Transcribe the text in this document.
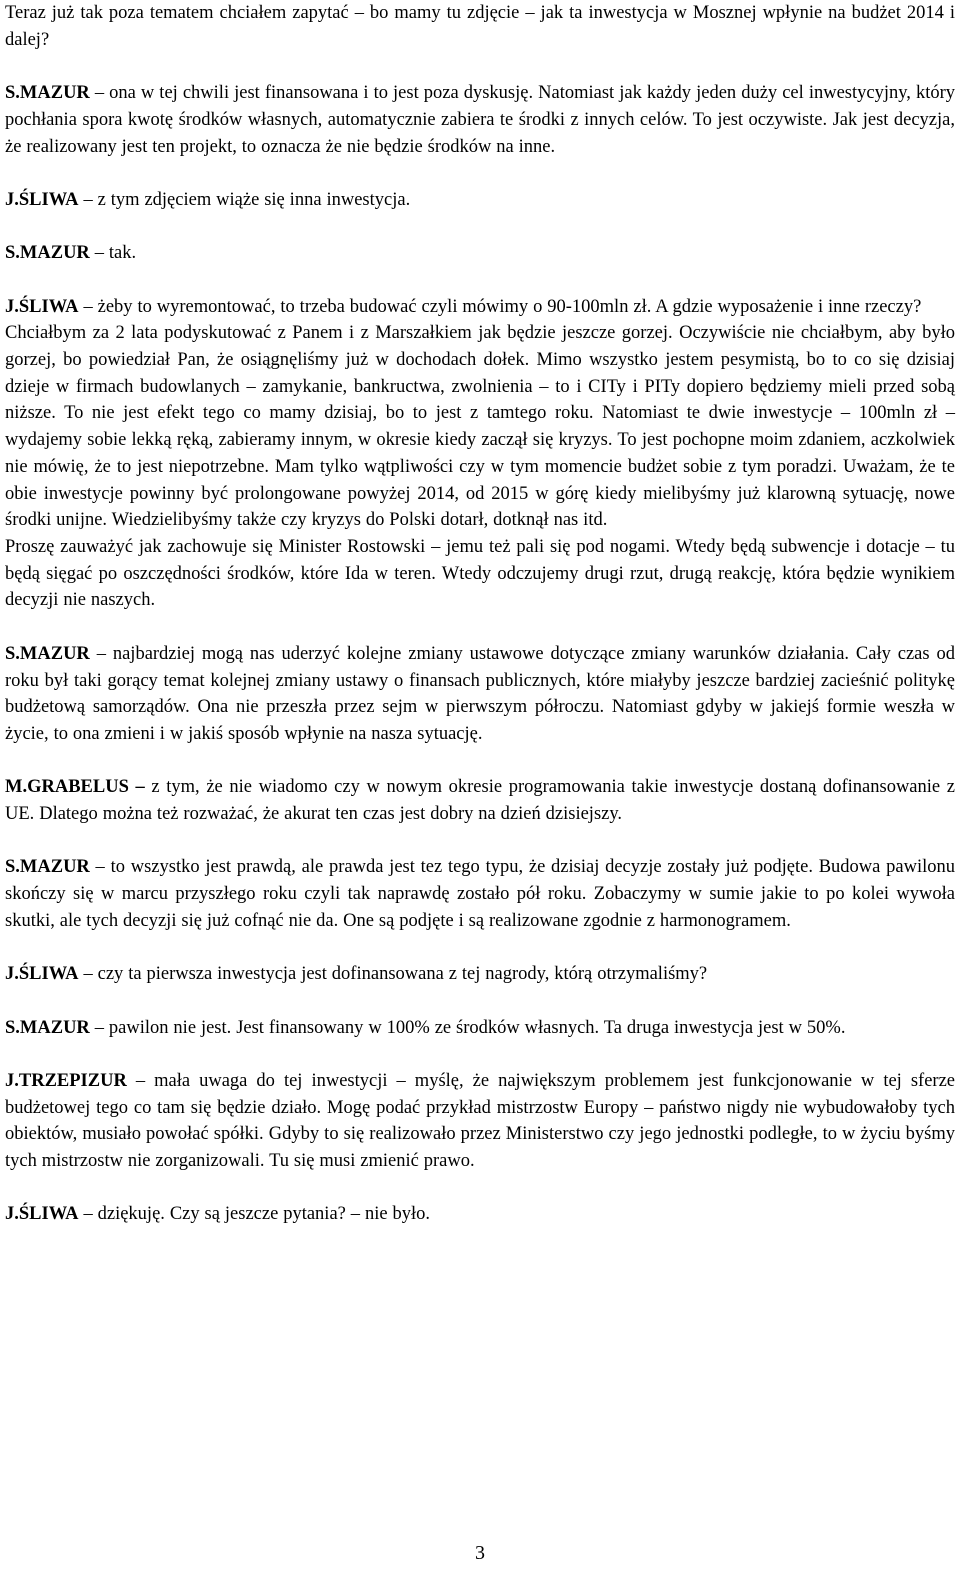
Teraz już tak poza tematem chciałem zapytać – bo mamy tu zdjęcie – jak ta inwestycja w Mosznej wpłynie na budżet 2014 i dalej?

S.MAZUR – ona w tej chwili jest finansowana i to jest poza dyskusję. Natomiast jak każdy jeden duży cel inwestycyjny, który pochłania spora kwotę środków własnych, automatycznie zabiera te środki z innych celów. To jest oczywiste. Jak jest decyzja, że realizowany jest ten projekt, to oznacza że nie będzie środków na inne.

J.ŚLIWA – z tym zdjęciem wiąże się inna inwestycja.

S.MAZUR – tak.

J.ŚLIWA – żeby to wyremontować, to trzeba budować czyli mówimy o 90-100mln zł. A gdzie wyposażenie i inne rzeczy?

Chciałbym za 2 lata podyskutować z Panem i z Marszałkiem jak będzie jeszcze gorzej. Oczywiście nie chciałbym, aby było gorzej, bo powiedział Pan, że osiągnęliśmy już w dochodach dołek. Mimo wszystko jestem pesymistą, bo to co się dzisiaj dzieje w firmach budowlanych – zamykanie, bankructwa, zwolnienia – to i CITy i PITy dopiero będziemy mieli przed sobą niższe. To nie jest efekt tego co mamy dzisiaj, bo to jest z tamtego roku. Natomiast te dwie inwestycje – 100mln zł – wydajemy sobie lekką ręką, zabieramy innym, w okresie kiedy zaczął się kryzys. To jest pochopne moim zdaniem, aczkolwiek nie mówię, że to jest niepotrzebne. Mam tylko wątpliwości czy w tym momencie budżet sobie z tym poradzi. Uważam, że te obie inwestycje powinny być prolongowane powyżej 2014, od 2015 w górę kiedy mielibyśmy już klarowną sytuację, nowe środki unijne. Wiedzielibyśmy także czy kryzys do Polski dotarł, dotknął nas itd.

Proszę zauważyć jak zachowuje się Minister Rostowski – jemu też pali się pod nogami. Wtedy będą subwencje i dotacje – tu będą sięgać po oszczędności środków, które Ida w teren. Wtedy odczujemy drugi rzut, drugą reakcję, która będzie wynikiem decyzji nie naszych.

S.MAZUR – najbardziej mogą nas uderzyć kolejne zmiany ustawowe dotyczące zmiany warunków działania. Cały czas od roku był taki gorący temat kolejnej zmiany ustawy o finansach publicznych, które miałyby jeszcze bardziej zacieśnić politykę budżetową samorządów. Ona nie przeszła przez sejm w pierwszym półroczu. Natomiast gdyby w jakiejś formie weszła w życie, to ona zmieni i w jakiś sposób wpłynie na nasza sytuację.

M.GRABELUS – z tym, że nie wiadomo czy w nowym okresie programowania takie inwestycje dostaną dofinansowanie z UE. Dlatego można też rozważać, że akurat ten czas jest dobry na dzień dzisiejszy.

S.MAZUR – to wszystko jest prawdą, ale prawda jest tez tego typu, że dzisiaj decyzje zostały już podjęte. Budowa pawilonu skończy się w marcu przyszłego roku czyli tak naprawdę zostało pół roku. Zobaczymy w sumie jakie to po kolei wywoła skutki, ale tych decyzji się już cofnąć nie da. One są podjęte i są realizowane zgodnie z harmonogramem.

J.ŚLIWA – czy ta pierwsza inwestycja jest dofinansowana z tej nagrody, którą otrzymaliśmy?

S.MAZUR – pawilon nie jest. Jest finansowany w 100% ze środków własnych. Ta druga inwestycja jest w 50%.

J.TRZEPIZUR – mała uwaga do tej inwestycji – myślę, że największym problemem jest funkcjonowanie w tej sferze budżetowej tego co tam się będzie działo. Mogę podać przykład mistrzostw Europy – państwo nigdy nie wybudowałoby tych obiektów, musiało powołać spółki. Gdyby to się realizowało przez Ministerstwo czy jego jednostki podległe, to w życiu byśmy tych mistrzostw nie zorganizowali. Tu się musi zmienić prawo.

J.ŚLIWA – dziękuję. Czy są jeszcze pytania? – nie było.

3
